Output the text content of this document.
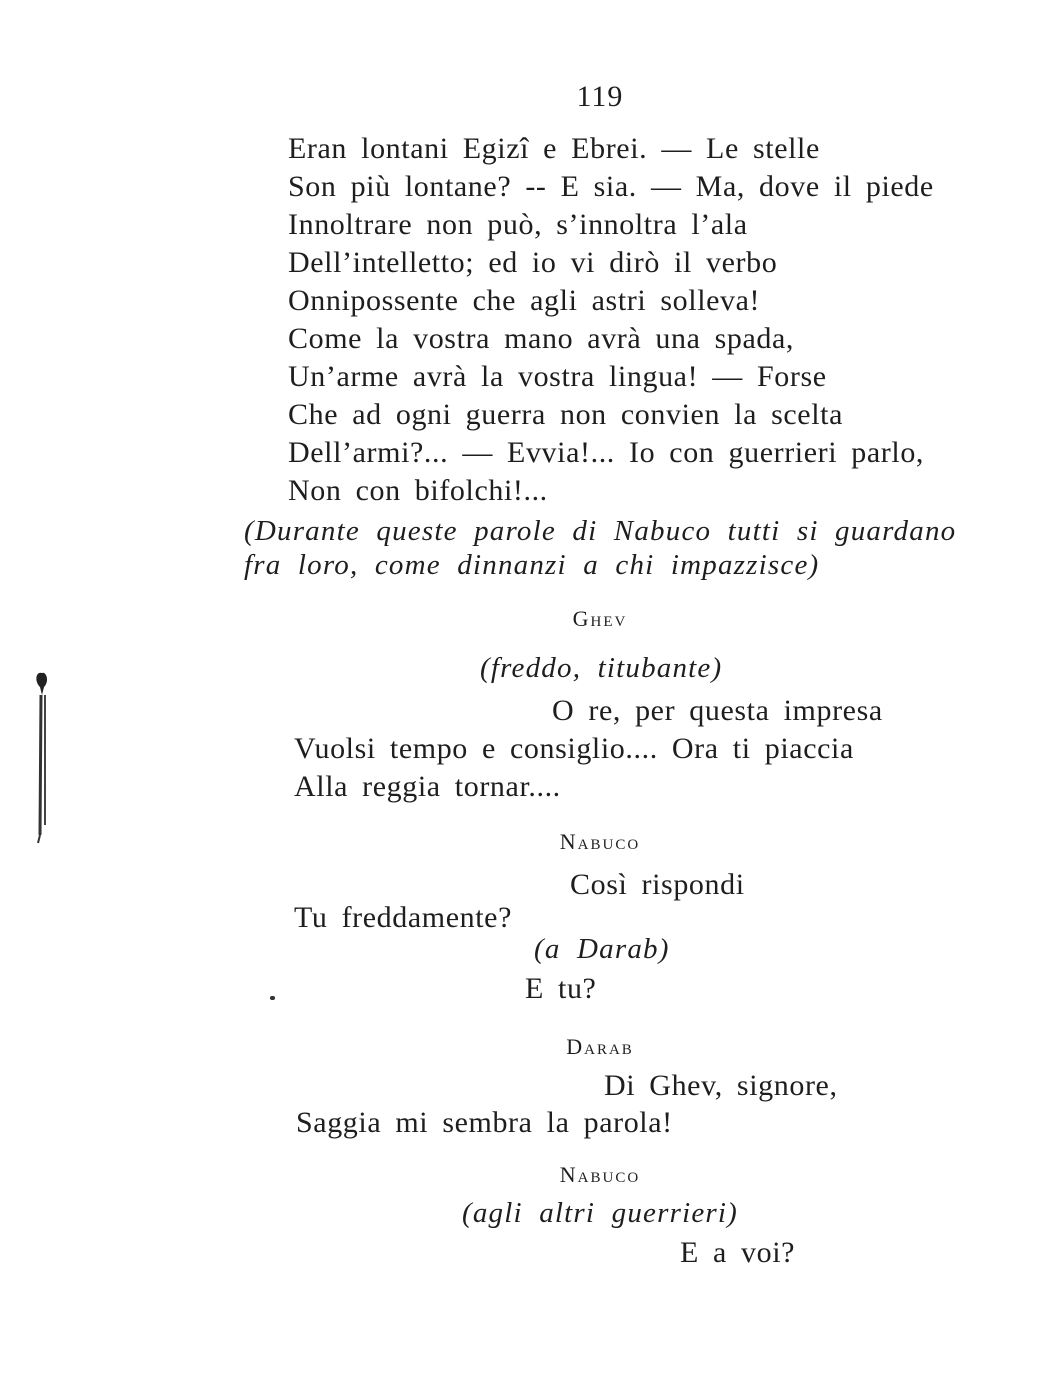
119
Eran lontani Egizî e Ebrei. — Le stelle
Son più lontane? -- E sia. — Ma, dove il piede
Innoltrare non può, s’innoltra l’ala
Dell’intelletto; ed io vi dirò il verbo
Onnipossente che agli astri solleva!
Come la vostra mano avrà una spada,
Un’arme avrà la vostra lingua! — Forse
Che ad ogni guerra non convien la scelta
Dell’armi?... — Evvia!... Io con guerrieri parlo,
Non con bifolchi!...
(Durante queste parole di Nabuco tutti si guardano
fra loro, come dinnanzi a chi impazzisce)
Ghev
(freddo, titubante)
O re, per questa impresa
Vuolsi tempo e consiglio.... Ora ti piaccia
Alla reggia tornar....
Nabuco
Così rispondi
Tu freddamente?
(a Darab)
E tu?
Darab
Di Ghev, signore,
Saggia mi sembra la parola!
Nabuco
(agli altri guerrieri)
E a voi?
